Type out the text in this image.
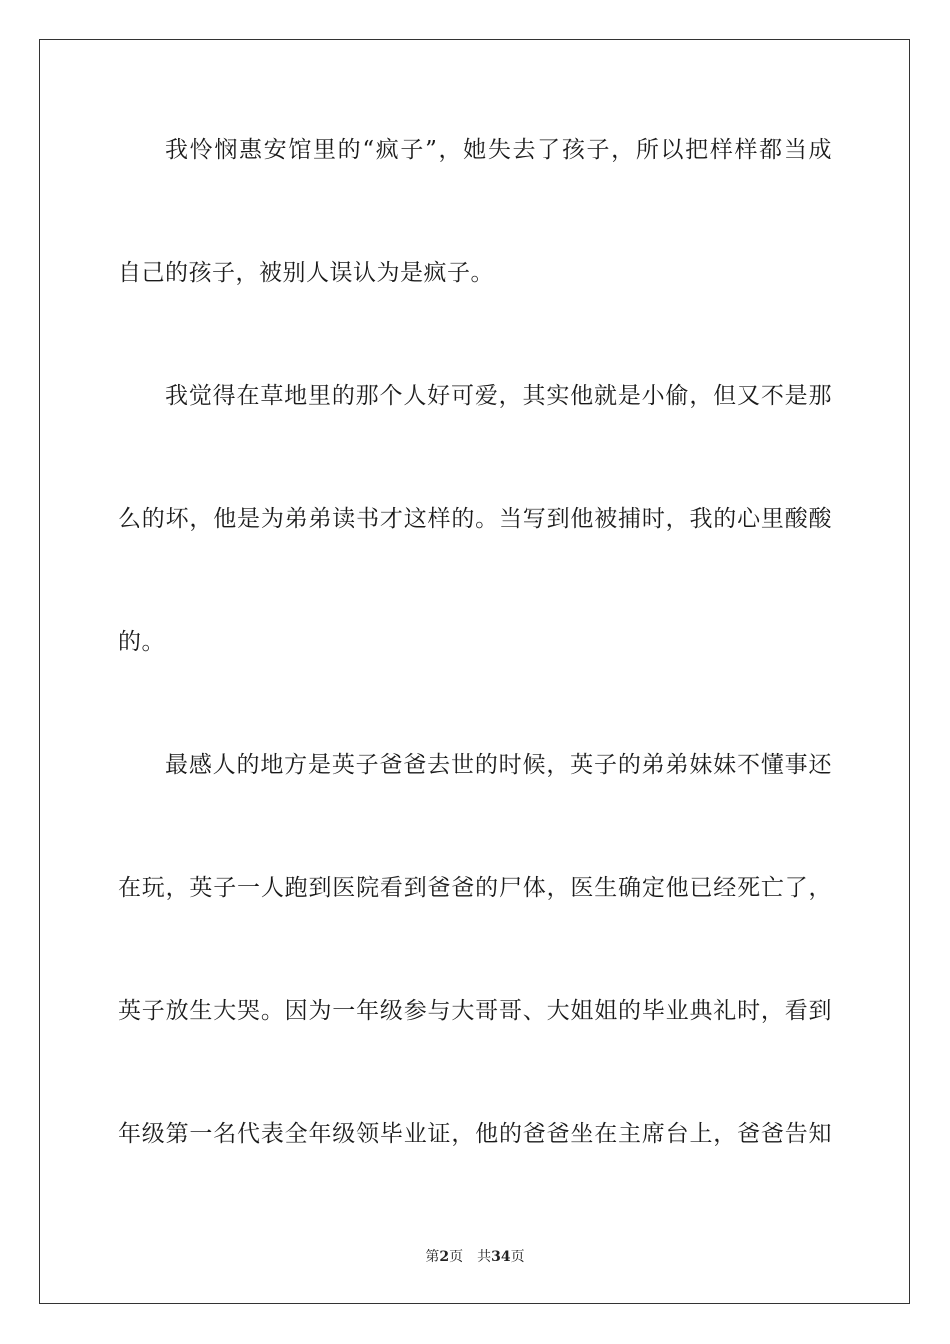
我怜悯惠安馆里的“疯子”，她失去了孩子，所以把样样都当成
自己的孩子，被别人误认为是疯子。
我觉得在草地里的那个人好可爱，其实他就是小偷，但又不是那
么的坏，他是为弟弟读书才这样的。当写到他被捕时，我的心里酸酸
的。
最感人的地方是英子爸爸去世的时候，英子的弟弟妹妹不懂事还
在玩，英子一人跑到医院看到爸爸的尸体，医生确定他已经死亡了，
英子放生大哭。因为一年级参与大哥哥、大姐姐的毕业典礼时，看到
年级第一名代表全年级领毕业证，他的爸爸坐在主席台上，爸爸告知
第2页 共34页
